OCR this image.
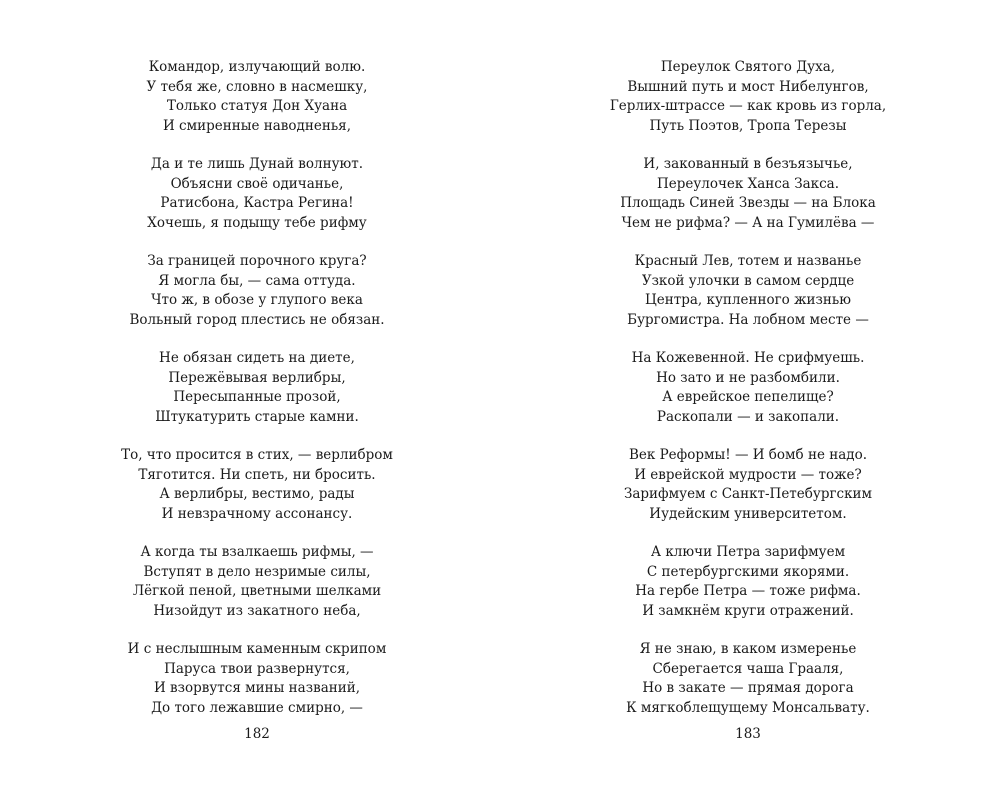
Командор, излучающий волю.
У тебя же, словно в насмешку,
Только статуя Дон Хуана
И смиренные наводненья,
Да и те лишь Дунай волнуют.
Объясни своё одичанье,
Ратисбона, Кастра Регина!
Хочешь, я подыщу тебе рифму
За границей порочного круга?
Я могла бы, — сама оттуда.
Что ж, в обозе у глупого века
Вольный город плестись не обязан.
Не обязан сидеть на диете,
Пережёвывая верлибры,
Пересыпанные прозой,
Штукатурить старые камни.
То, что просится в стих, — верлибром
Тяготится. Ни спеть, ни бросить.
А верлибры, вестимо, рады
И невзрачному ассонансу.
А когда ты взалкаешь рифмы, —
Вступят в дело незримые силы,
Лёгкой пеной, цветными шелками
Низойдут из закатного неба,
И с неслышным каменным скрипом
Паруса твои развернутся,
И взорвутся мины названий,
До того лежавшие смирно, —
Переулок Святого Духа,
Вышний путь и мост Нибелунгов,
Герлих-штрассе — как кровь из горла,
Путь Поэтов, Тропа Терезы
И, закованный в безъязычье,
Переулочек Ханса Закса.
Площадь Синей Звезды — на Блока
Чем не рифма? — А на Гумилёва —
Красный Лев, тотем и названье
Узкой улочки в самом сердце
Центра, купленного жизнью
Бургомистра. На лобном месте —
На Кожевенной. Не срифмуешь.
Но зато и не разбомбили.
А еврейское пепелище?
Раскопали — и закопали.
Век Реформы! — И бомб не надо.
И еврейской мудрости — тоже?
Зарифмуем с Санкт-Петебургским
Иудейским университетом.
А ключи Петра зарифмуем
С петербургскими якорями.
На гербе Петра — тоже рифма.
И замкнём круги отражений.
Я не знаю, в каком измеренье
Сберегается чаша Грааля,
Но в закате — прямая дорога
К мягкоблещущему Монсальвату.
182	183
